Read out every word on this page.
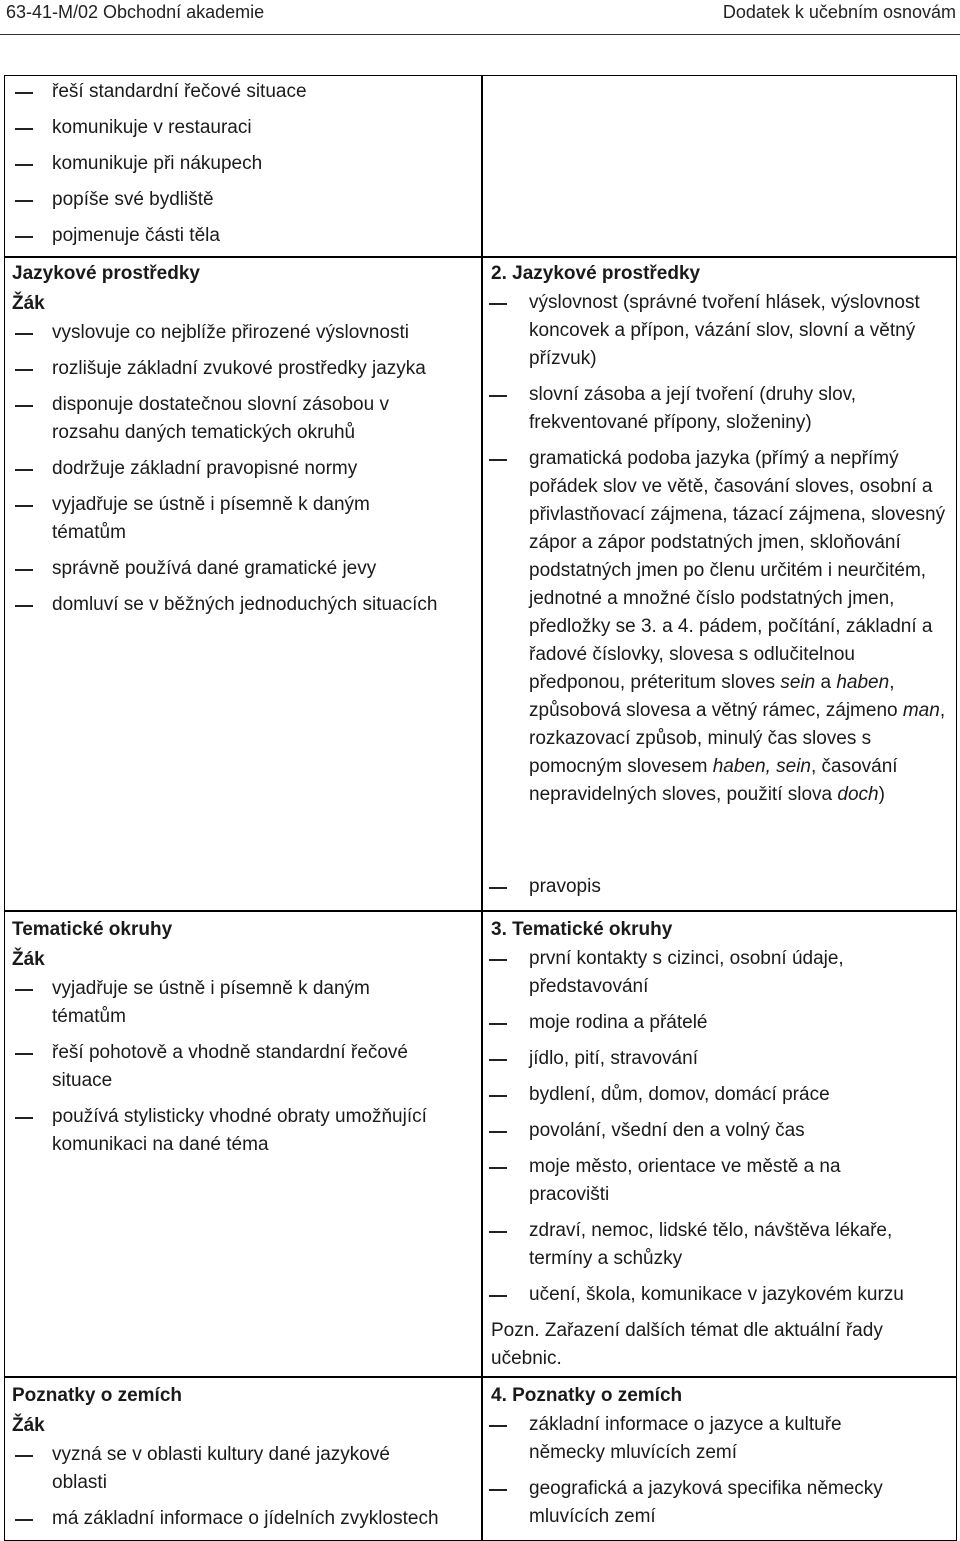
63-41-M/02 Obchodní akademie	Dodatek k učebním osnovám
řeší standardní řečové situace
komunikuje v restauraci
komunikuje při nákupech
popíše své bydliště
pojmenuje části těla
Jazykové prostředky
Žák
vyslovuje co nejblíže přirozené výslovnosti
rozlišuje základní zvukové prostředky jazyka
disponuje dostatečnou slovní zásobou v rozsahu daných tematických okruhů
dodržuje základní pravopisné normy
vyjadřuje se ústně i písemně k daným tématům
správně používá dané gramatické jevy
domluví se v běžných jednoduchých situacích
Tematické okruhy
Žák
vyjadřuje se ústně i písemně k daným tématům
řeší pohotově a vhodně standardní řečové situace
používá stylisticky vhodné obraty umožňující komunikaci na dané téma
Poznatky o zemích
Žák
vyzná se v oblasti kultury dané jazykové oblasti
má základní informace o jídelních zvyklostech
2. Jazykové prostředky
výslovnost (správné tvoření hlásek, výslovnost koncovek a přípon, vázání slov, slovní a větný přízvuk)
slovní zásoba a její tvoření (druhy slov, frekventované přípony, složeniny)
gramatická podoba jazyka (přímý a nepřímý pořádek slov ve větě, časování sloves, osobní a přivlastňovací zájmena, tázací zájmena, slovesný zápor a zápor podstatných jmen, skloňování podstatných jmen po členu určitém i neurčitém, jednotné a množné číslo podstatných jmen, předložky se 3. a 4. pádem, počítání, základní a řadové číslovky, slovesa s odlučitelnou předponou, préteritum sloves sein a haben, způsobová slovesa a větný rámec, zájmeno man, rozkazovací způsob, minulý čas sloves s pomocným slovesem haben, sein, časování nepravidelných sloves, použití slova doch)
pravopis
3. Tematické okruhy
první kontakty s cizinci, osobní údaje, představování
moje rodina a přátelé
jídlo, pití, stravování
bydlení, dům, domov, domácí práce
povolání, všední den a volný čas
moje město, orientace ve městě a na pracovišti
zdraví, nemoc, lidské tělo, návštěva lékaře, termíny a schůzky
učení, škola, komunikace v jazykovém kurzu
Pozn. Zařazení dalších témat dle aktuální řady učebnic.
4. Poznatky o zemích
základní informace o jazyce a kultuře německy mluvících zemí
geografická a jazyková specifika německy mluvících zemí
